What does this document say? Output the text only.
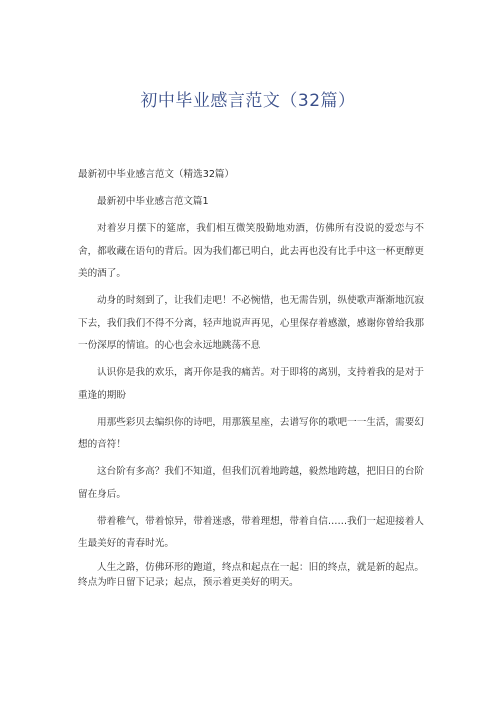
初中毕业感言范文（32篇）

最新初中毕业感言范文（精选32篇）

最新初中毕业感言范文篇1

对着岁月摆下的筵席，我们相互微笑殷勤地劝酒，仿佛所有没说的爱恋与不舍，都收藏在语句的背后。因为我们都已明白，此去再也没有比手中这一杯更醇更美的酒了。

动身的时刻到了，让我们走吧！不必惋惜，也无需告别，纵使歌声渐渐地沉寂下去，我们我们不得不分离，轻声地说声再见，心里保存着感激，感谢你曾给我那一份深厚的情谊。的心也会永远地跳荡不息

认识你是我的欢乐，离开你是我的痛苦。对于即将的离别，支持着我的是对于重逢的期盼

用那些彩贝去编织你的诗吧，用那簇星座，去谱写你的歌吧一一生活，需要幻想的音符！

这台阶有多高？我们不知道，但我们沉着地跨越，毅然地跨越，把旧日的台阶留在身后。

带着稚气，带着惊异，带着迷惑，带着理想，带着自信……我们一起迎接着人生最美好的青春时光。

人生之路，仿佛环形的跑道，终点和起点在一起：旧的终点，就是新的起点。终点为昨日留下记录；起点，预示着更美好的明天。
